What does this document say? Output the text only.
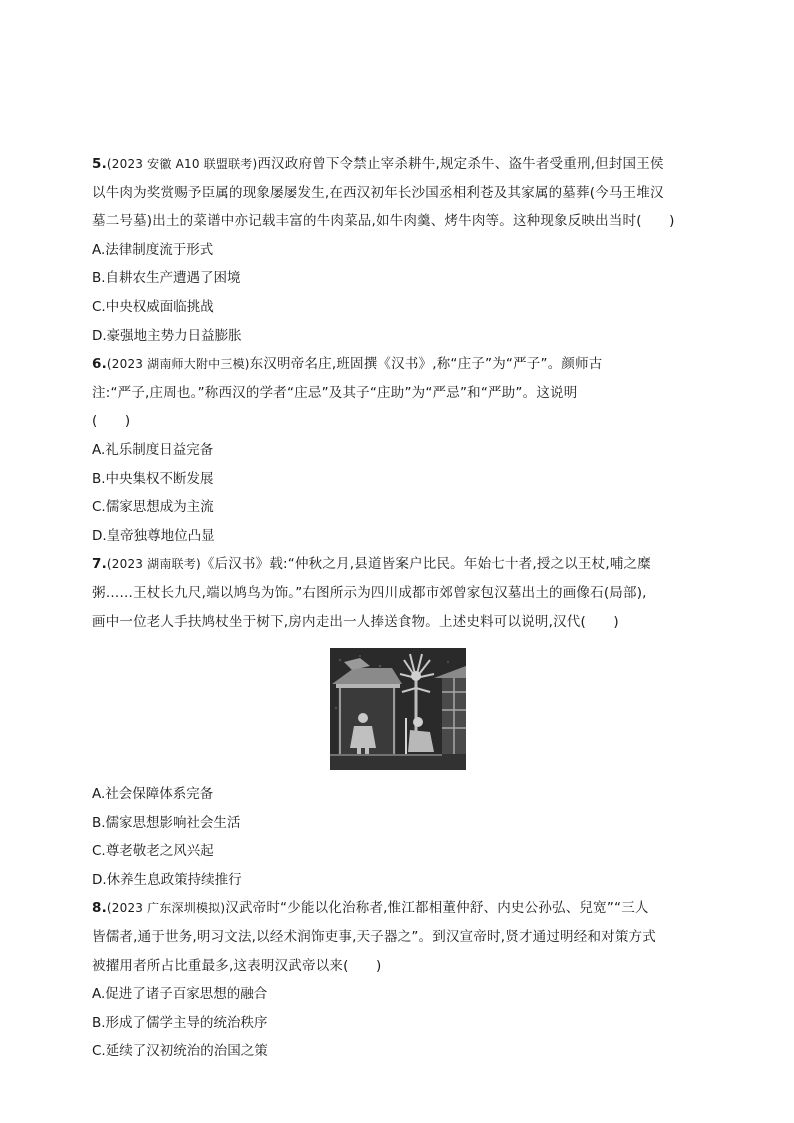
5.(2023 安徽 A10 联盟联考)西汉政府曾下令禁止宰杀耕牛,规定杀牛、盗牛者受重刑,但封国王侯
以牛肉为奖赏赐予臣属的现象屡屡发生,在西汉初年长沙国丞相利苍及其家属的墓葬(今马王堆汉
墓二号墓)出土的菜谱中亦记载丰富的牛肉菜品,如牛肉羹、烤牛肉等。这种现象反映出当时(　　)
A.法律制度流于形式
B.自耕农生产遭遇了困境
C.中央权威面临挑战
D.豪强地主势力日益膨胀
6.(2023 湖南师大附中三模)东汉明帝名庄,班固撰《汉书》,称“庄子”为“严子”。颜师古
注:“严子,庄周也。”称西汉的学者“庄忌”及其子“庄助”为“严忌”和“严助”。这说明
(　　)
A.礼乐制度日益完备
B.中央集权不断发展
C.儒家思想成为主流
D.皇帝独尊地位凸显
7.(2023 湖南联考)《后汉书》载:“仲秋之月,县道皆案户比民。年始七十者,授之以王杖,哺之糜
粥……王杖长九尺,端以鸠鸟为饰。”右图所示为四川成都市郊曾家包汉墓出土的画像石(局部),
画中一位老人手扶鸠杖坐于树下,房内走出一人捧送食物。上述史料可以说明,汉代(　　)
A.社会保障体系完备
B.儒家思想影响社会生活
C.尊老敬老之风兴起
D.休养生息政策持续推行
8.(2023 广东深圳模拟)汉武帝时“少能以化治称者,惟江都相董仲舒、内史公孙弘、兒宽”“三人
皆儒者,通于世务,明习文法,以经术润饰吏事,天子器之”。到汉宣帝时,贤才通过明经和对策方式
被擢用者所占比重最多,这表明汉武帝以来(　　)
A.促进了诸子百家思想的融合
B.形成了儒学主导的统治秩序
C.延续了汉初统治的治国之策
